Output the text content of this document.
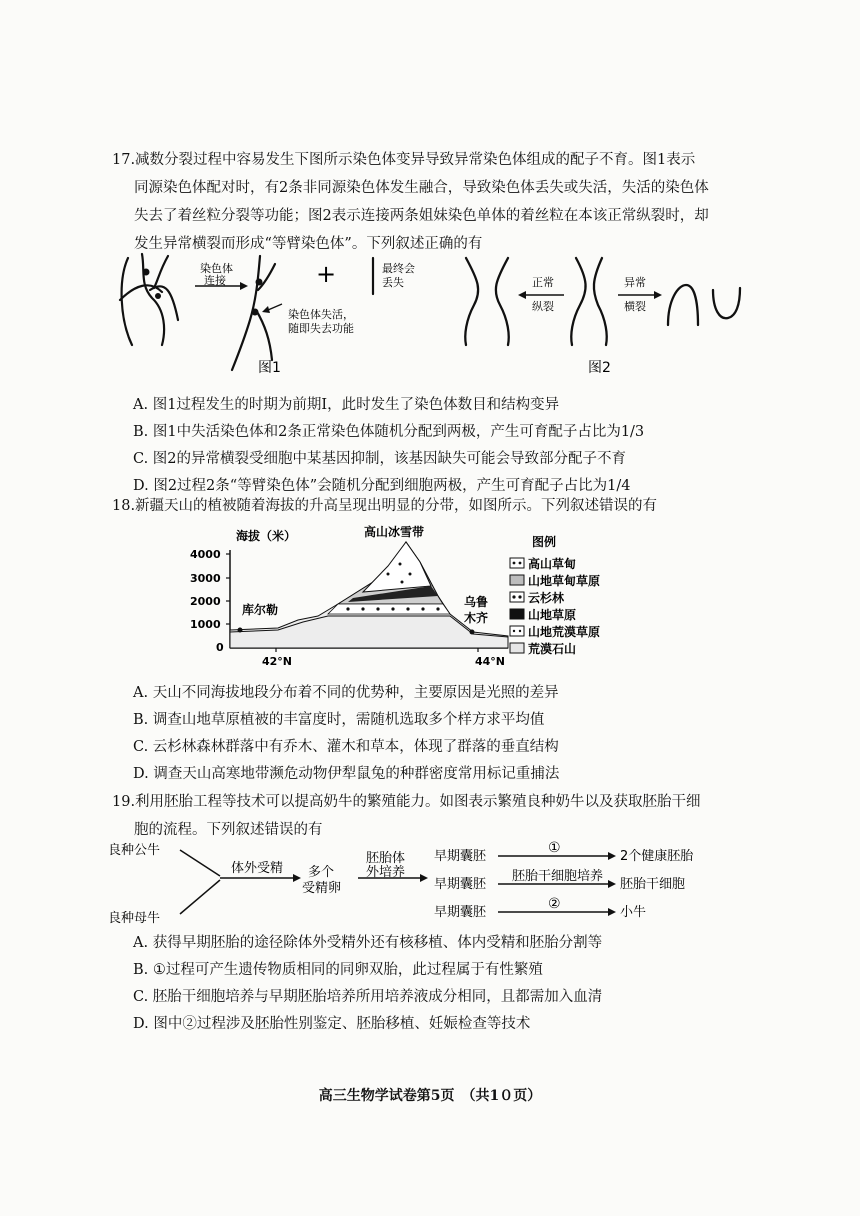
17.减数分裂过程中容易发生下图所示染色体变异导致异常染色体组成的配子不育。图1表示
同源染色体配对时，有2条非同源染色体发生融合，导致染色体丢失或失活，失活的染色体
失去了着丝粒分裂等功能；图2表示连接两条姐妹染色单体的着丝粒在本该正常纵裂时，却
发生异常横裂而形成“等臂染色体”。下列叙述正确的有
染色体
连接	+	最终会
丢失
染色体失活，
随即失去功能
图1
正常
纵裂
异常
横裂
图2
A. 图1过程发生的时期为前期Ⅰ，此时发生了染色体数目和结构变异
B. 图1中失活染色体和2条正常染色体随机分配到两极，产生可育配子占比为1/3
C. 图2的异常横裂受细胞中某基因抑制，该基因缺失可能会导致部分配子不育
D. 图2过程2条“等臂染色体”会随机分配到细胞两极，产生可育配子占比为1/4
18.新疆天山的植被随着海拔的升高呈现出明显的分带，如图所示。下列叙述错误的有
海拔（米）	高山冰雪带
4000
3000
2000
1000
0
42°N	44°N
库尔勒
乌鲁
木齐
图例
高山草甸
山地草甸草原
云杉林
山地草原
山地荒漠草原
荒漠石山
A. 天山不同海拔地段分布着不同的优势种，主要原因是光照的差异
B. 调查山地草原植被的丰富度时，需随机选取多个样方求平均值
C. 云杉林森林群落中有乔木、灌木和草本，体现了群落的垂直结构
D. 调查天山高寒地带濒危动物伊犁鼠兔的种群密度常用标记重捕法
19.利用胚胎工程等技术可以提高奶牛的繁殖能力。如图表示繁殖良种奶牛以及获取胚胎干细
胞的流程。下列叙述错误的有
良种公牛
良种母牛
体外受精 多个
受精卵
胚胎体
外培养
早期囊胚
早期囊胚
早期囊胚
①
胚胎干细胞培养
②
2个健康胚胎
胚胎干细胞
小牛
A. 获得早期胚胎的途径除体外受精外还有核移植、体内受精和胚胎分割等
B. ①过程可产生遗传物质相同的同卵双胎，此过程属于有性繁殖
C. 胚胎干细胞培养与早期胚胎培养所用培养液成分相同，且都需加入血清
D. 图中②过程涉及胚胎性别鉴定、胚胎移植、妊娠检查等技术
高三生物学试卷第5页　（共1０页）
